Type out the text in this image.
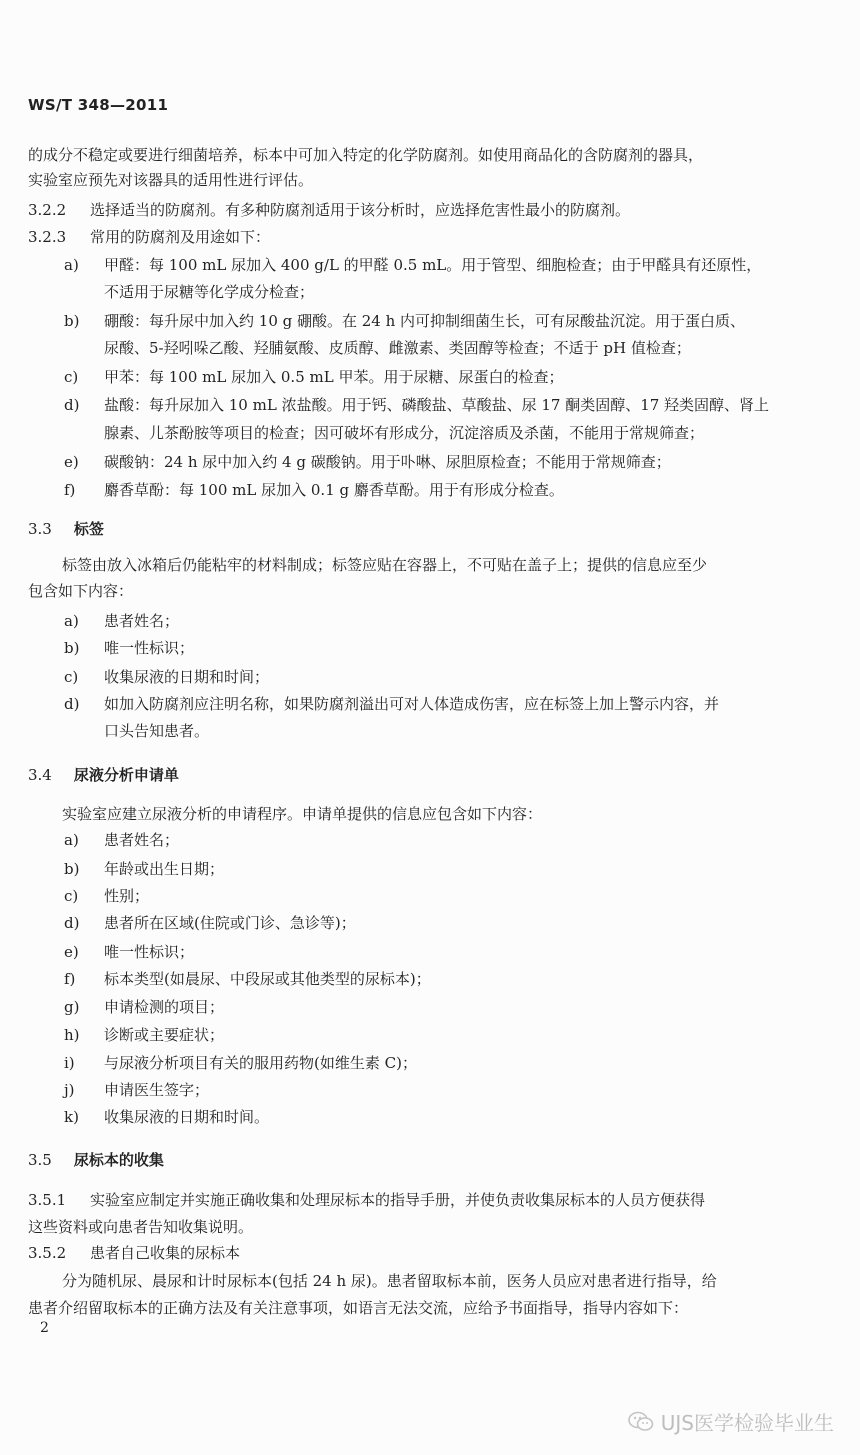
WS/T 348—2011
的成分不稳定或要进行细菌培养，标本中可加入特定的化学防腐剂。如使用商品化的含防腐剂的器具，
实验室应预先对该器具的适用性进行评估。
3.2.2 选择适当的防腐剂。有多种防腐剂适用于该分析时，应选择危害性最小的防腐剂。
3.2.3 常用的防腐剂及用途如下：
a) 甲醛：每 100 mL 尿加入 400 g/L 的甲醛 0.5 mL。用于管型、细胞检查；由于甲醛具有还原性，
不适用于尿糖等化学成分检查；
b) 硼酸：每升尿中加入约 10 g 硼酸。在 24 h 内可抑制细菌生长，可有尿酸盐沉淀。用于蛋白质、
尿酸、5-羟吲哚乙酸、羟脯氨酸、皮质醇、雌激素、类固醇等检查；不适于 pH 值检查；
c) 甲苯：每 100 mL 尿加入 0.5 mL 甲苯。用于尿糖、尿蛋白的检查；
d) 盐酸：每升尿加入 10 mL 浓盐酸。用于钙、磷酸盐、草酸盐、尿 17 酮类固醇、17 羟类固醇、肾上
腺素、儿茶酚胺等项目的检查；因可破坏有形成分，沉淀溶质及杀菌，不能用于常规筛查；
e) 碳酸钠：24 h 尿中加入约 4 g 碳酸钠。用于卟啉、尿胆原检查；不能用于常规筛查；
f) 麝香草酚：每 100 mL 尿加入 0.1 g 麝香草酚。用于有形成分检查。
3.3 标签
标签由放入冰箱后仍能粘牢的材料制成；标签应贴在容器上，不可贴在盖子上；提供的信息应至少
包含如下内容：
a) 患者姓名；
b) 唯一性标识；
c) 收集尿液的日期和时间；
d) 如加入防腐剂应注明名称，如果防腐剂溢出可对人体造成伤害，应在标签上加上警示内容，并
口头告知患者。
3.4 尿液分析申请单
实验室应建立尿液分析的申请程序。申请单提供的信息应包含如下内容：
a) 患者姓名；
b) 年龄或出生日期；
c) 性别；
d) 患者所在区域(住院或门诊、急诊等)；
e) 唯一性标识；
f) 标本类型(如晨尿、中段尿或其他类型的尿标本)；
g) 申请检测的项目；
h) 诊断或主要症状；
i) 与尿液分析项目有关的服用药物(如维生素 C)；
j) 申请医生签字；
k) 收集尿液的日期和时间。
3.5 尿标本的收集
3.5.1 实验室应制定并实施正确收集和处理尿标本的指导手册，并使负责收集尿标本的人员方便获得
这些资料或向患者告知收集说明。
3.5.2 患者自己收集的尿标本
分为随机尿、晨尿和计时尿标本(包括 24 h 尿)。患者留取标本前，医务人员应对患者进行指导，给
患者介绍留取标本的正确方法及有关注意事项，如语言无法交流，应给予书面指导，指导内容如下：
2
UJS医学检验毕业生
